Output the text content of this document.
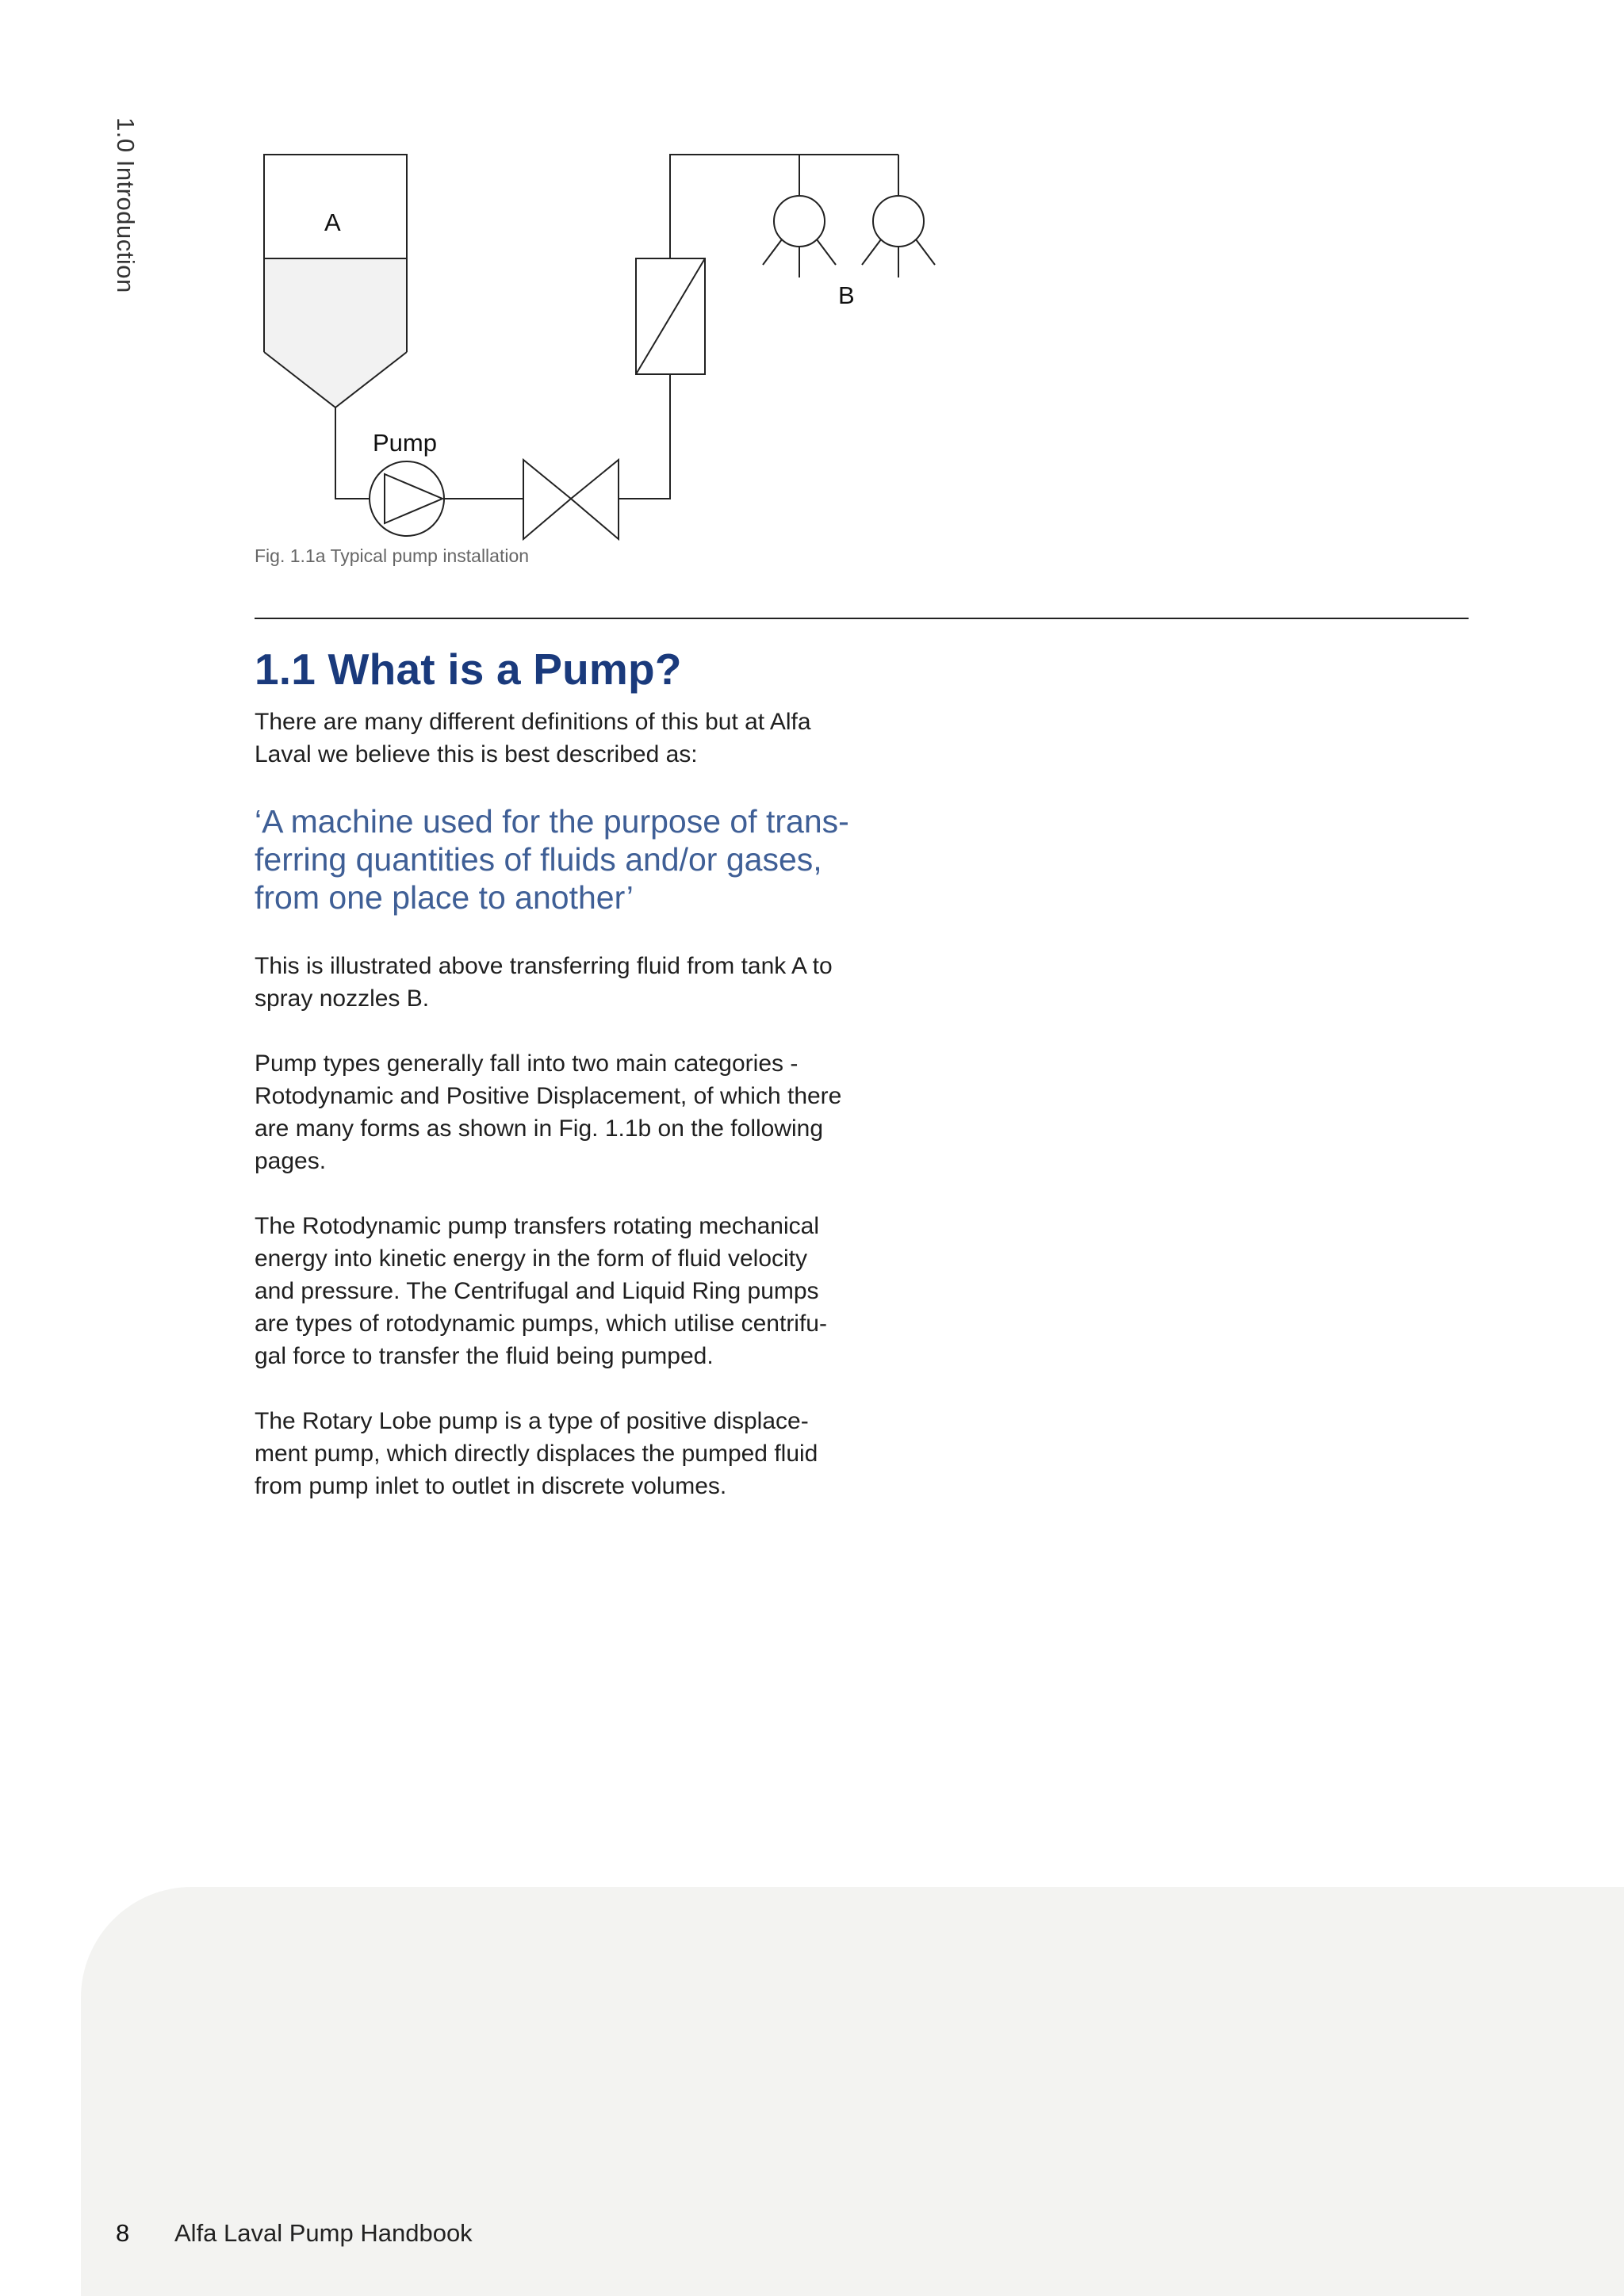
1.0 Introduction	A
B
Pump
Fig. 1.1a Typical pump installation
1.1 What is a Pump?

There are many different definitions of this but at Alfa Laval we believe this is best described as:

‘A machine used for the purpose of trans-ferring quantities of fluids and/or gases, from one place to another’

This is illustrated above transferring fluid from tank A to spray nozzles B.

Pump types generally fall into two main categories - Rotodynamic and Positive Displacement, of which there are many forms as shown in Fig. 1.1b on the following pages.

The Rotodynamic pump transfers rotating mechanical energy into kinetic energy in the form of fluid velocity and pressure. The Centrifugal and Liquid Ring pumps are types of rotodynamic pumps, which utilise centrifu-gal force to transfer the fluid being pumped.

The Rotary Lobe pump is a type of positive displace-ment pump, which directly displaces the pumped fluid from pump inlet to outlet in discrete volumes.

8 Alfa Laval Pump Handbook
